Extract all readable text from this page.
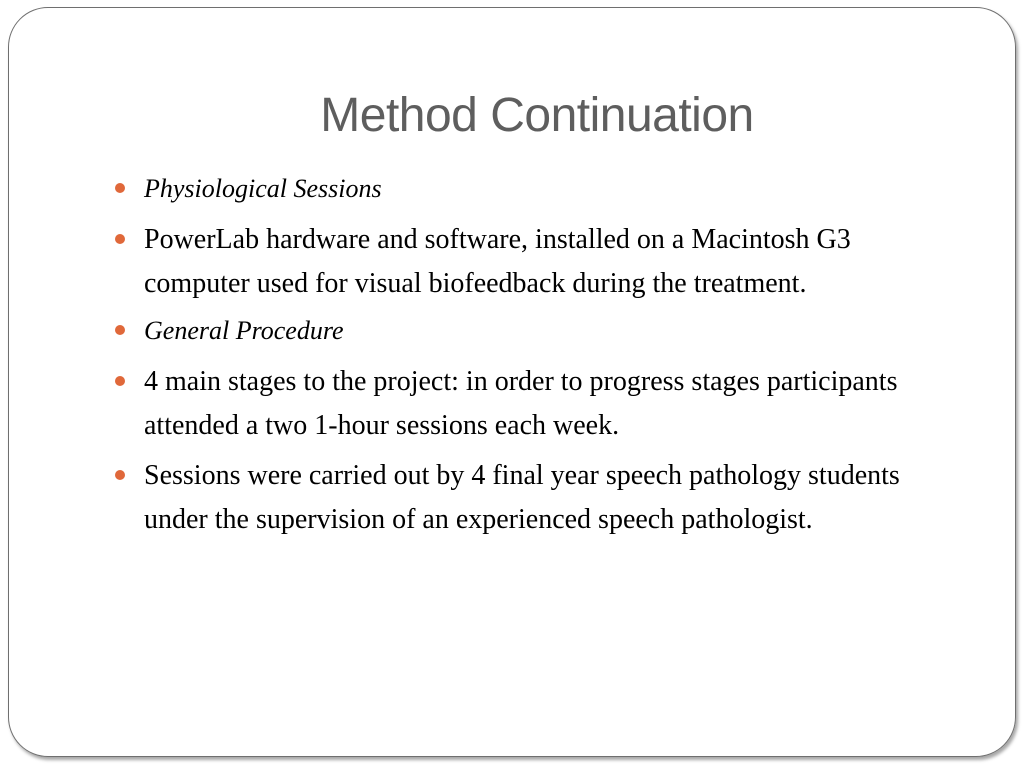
Method Continuation
Physiological Sessions
PowerLab hardware and software, installed on a Macintosh G3 computer used for visual biofeedback during the treatment.
General Procedure
4 main stages to the project: in order to progress stages participants attended a two 1-hour sessions each week.
Sessions were carried out by 4 final year speech pathology students under the supervision of an experienced speech pathologist.
